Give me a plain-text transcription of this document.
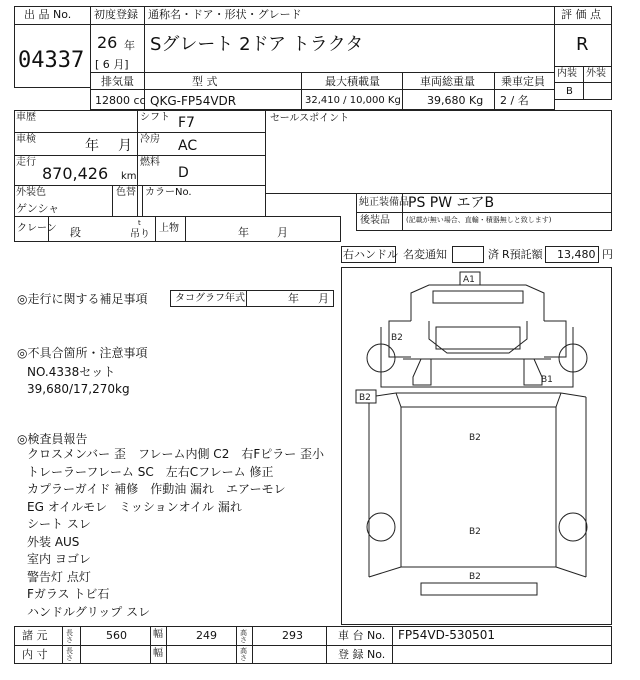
出 品 No.
04337
初度登録
26 年
[ 6 月]
通称名・ドア・形状・グレード
Sグレート 2ドア トラクタ
評 価 点
R
内装 外装
B
排気量
12800 cc
型 式
QKG-FP54VDR
最大積載量
32,410 / 10,000 Kg
車両総重量
39,680 Kg
乗車定員
2 / 名
車歴	シフト F7
車検	年 月 冷房 AC
走行
870,426 km
燃料
D
外装色
ゲンシャ
色替 カラーNo.
クレーン 段
t
吊り
上物	年	月
セールスポイント
純正装備品 PS PW エアB
後装品 (記載が無い場合、直輸・積器無しと致します)
右ハンドル 名変通知	済 R預託額 13,480 円
◎走行に関する補足事項	タコグラフ年式	年 月
◎不具合箇所・注意事項
NO.4338セット
39,680/17,270kg
◎検査員報告
クロスメンバー 歪　フレーム内側 C2　右Fピラー 歪小
トレーラーフレーム SC　左右Cフレーム 修正
カプラーガイド 補修　作動油 漏れ　エアーモレ
EG オイルモレ　ミッションオイル 漏れ
シート スレ
外装 AUS
室内 ヨゴレ
警告灯 点灯
Fガラス トビ石
ハンドルグリップ スレ
A1
B2
B2
B1
B2
B2
B2
諸 元	長さ	560	幅	249	高さ	293
内 寸	長さ	幅	高さ
車 台 No. FP54VD-530501
登 録 No.
